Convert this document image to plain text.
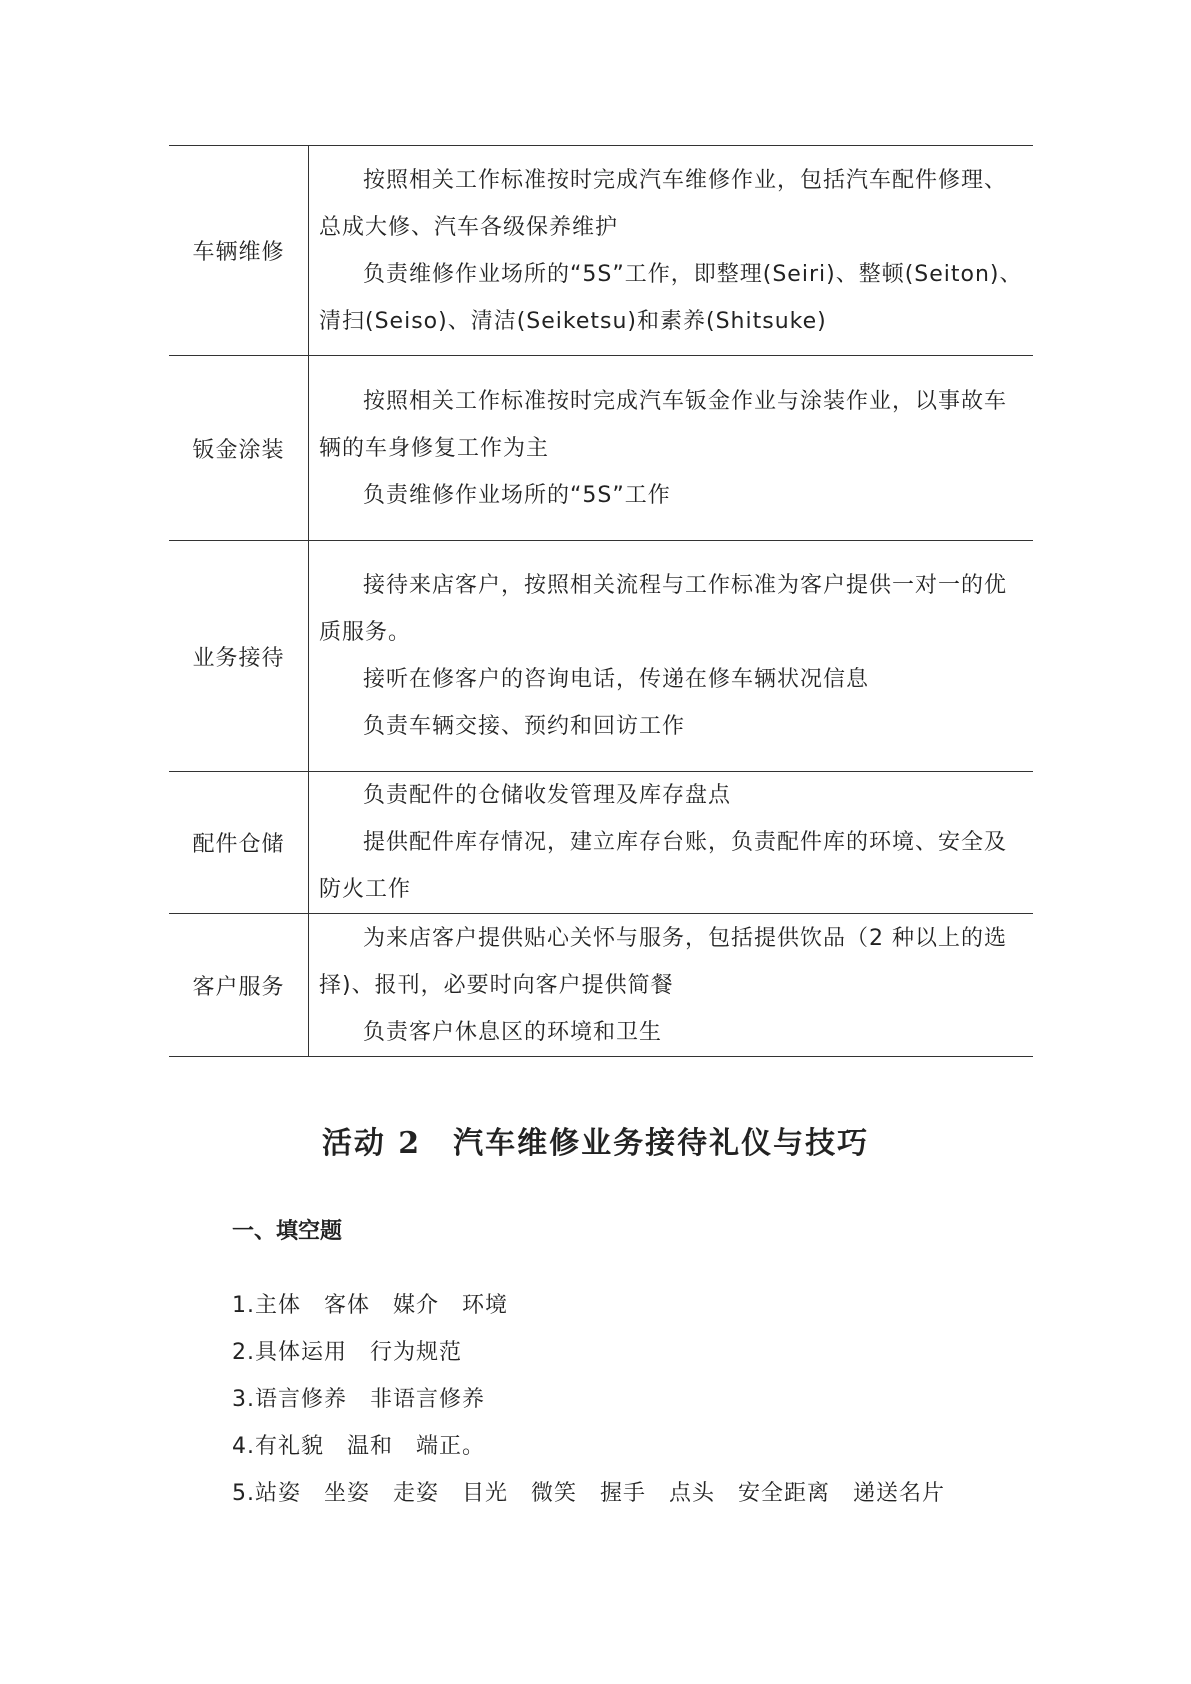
车辆维修	按照相关工作标准按时完成汽车维修作业，包括汽车配件修理、总成大修、汽车各级保养维护

负责维修作业场所的“5S”工作，即整理(Seiri)、整顿(Seiton)、清扫(Seiso)、清洁(Seiketsu)和素养(Shitsuke)

钣金涂装	按照相关工作标准按时完成汽车钣金作业与涂装作业，以事故车辆的车身修复工作为主

负责维修作业场所的“5S”工作

业务接待	接待来店客户，按照相关流程与工作标准为客户提供一对一的优质服务。

接听在修客户的咨询电话，传递在修车辆状况信息

负责车辆交接、预约和回访工作

配件仓储	负责配件的仓储收发管理及库存盘点

提供配件库存情况，建立库存台账，负责配件库的环境、安全及防火工作

客户服务	为来店客户提供贴心关怀与服务，包括提供饮品（2 种以上的选择)、报刊，必要时向客户提供简餐

负责客户休息区的环境和卫生

活动 2　汽车维修业务接待礼仪与技巧
一、填空题
1.主体　客体　媒介　环境
2.具体运用　行为规范
3.语言修养　非语言修养
4.有礼貌　温和　端正。
5.站姿　坐姿　走姿　目光　微笑　握手　点头　安全距离　递送名片
